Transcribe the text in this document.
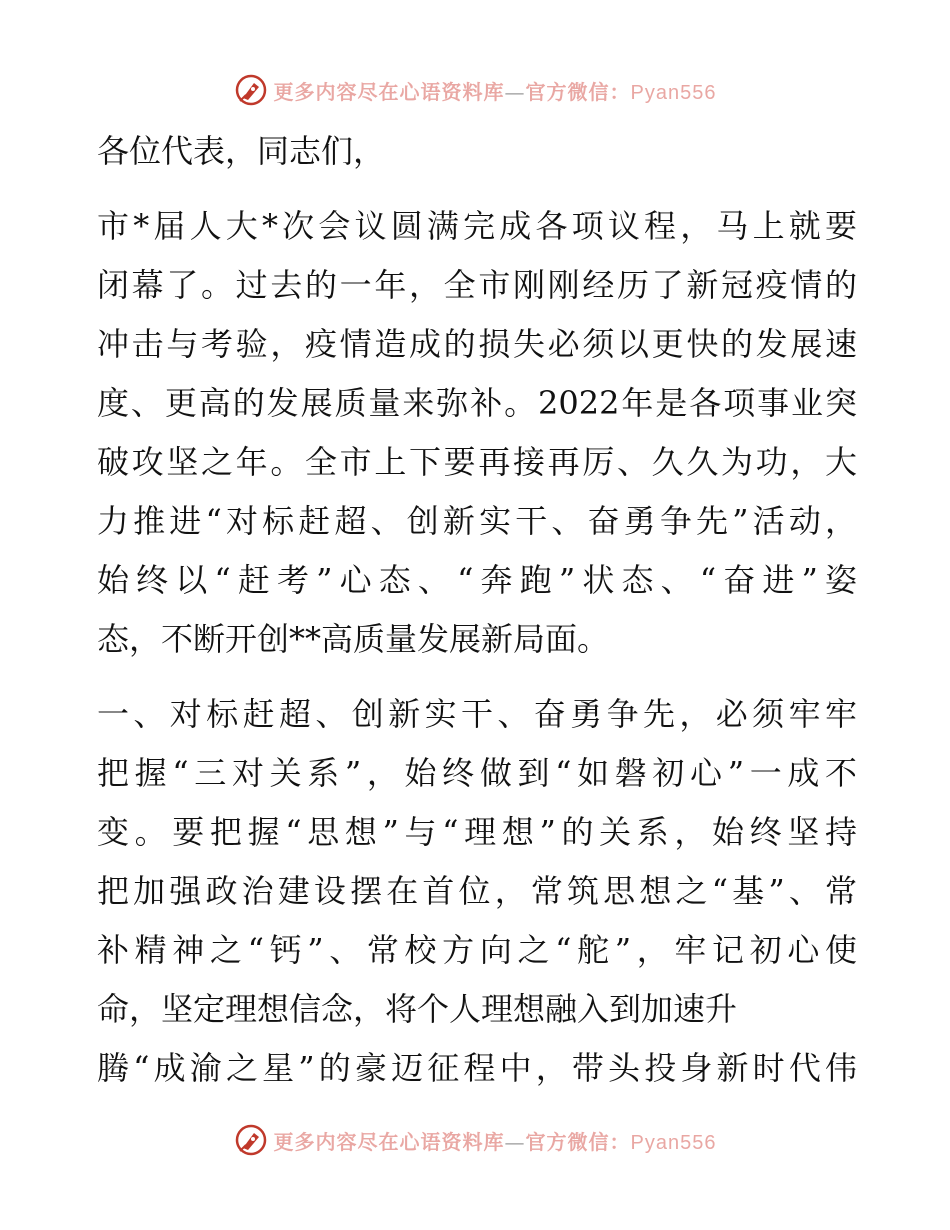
更多内容尽在心语资料库—官方微信：Pyan556
各位代表，同志们，
市*届人大*次会议圆满完成各项议程，马上就要
闭幕了。过去的一年，全市刚刚经历了新冠疫情的
冲击与考验，疫情造成的损失必须以更快的发展速
度、更高的发展质量来弥补。2022年是各项事业突
破攻坚之年。全市上下要再接再厉、久久为功，大
力推进“对标赶超、创新实干、奋勇争先”活动，
始终以“赶考”心态、“奔跑”状态、“奋进”姿
态，不断开创**高质量发展新局面。
一、对标赶超、创新实干、奋勇争先，必须牢牢
把握“三对关系”，始终做到“如磐初心”一成不
变。要把握“思想”与“理想”的关系，始终坚持
把加强政治建设摆在首位，常筑思想之“基”、常
补精神之“钙”、常校方向之“舵”，牢记初心使
命，坚定理想信念，将个人理想融入到加速升
腾“成渝之星”的豪迈征程中，带头投身新时代伟
更多内容尽在心语资料库—官方微信：Pyan556
